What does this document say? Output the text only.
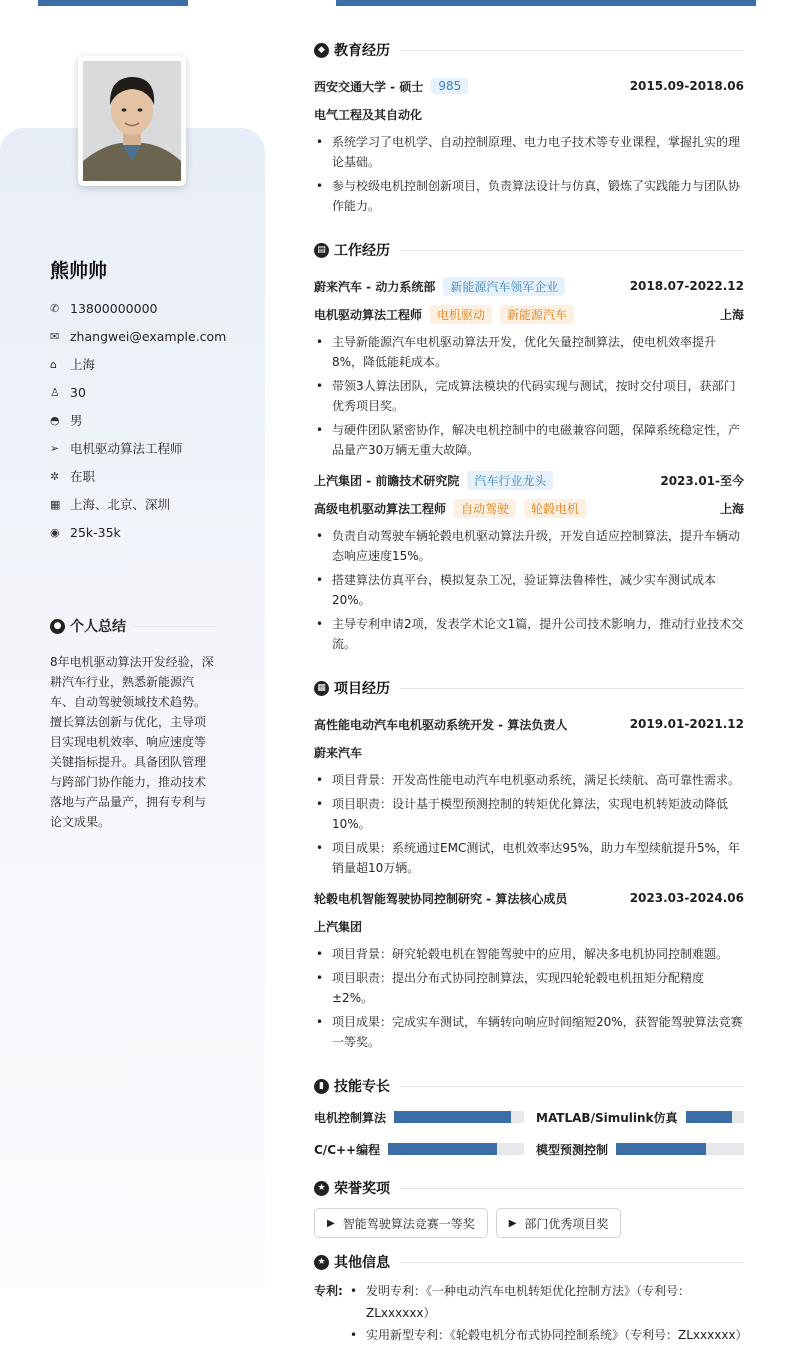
熊帅帅
✆ 13800000000
✉ zhangwei@example.com
⌂	上海
♙ 30
◓ 男
➢ 电机驱动算法工程师
✲ 在职
▦ 上海、北京、深圳
◉ 25k-35k
● 个人总结
8年电机驱动算法开发经验，深耕汽车行业，熟悉新能源汽车、自动驾驶领域技术趋势。擅长算法创新与优化，主导项目实现电机效率、响应速度等关键指标提升。具备团队管理与跨部门协作能力，推动技术落地与产品量产，拥有专利与论文成果。
◆ 教育经历
西安交通大学 - 硕士	985	2015.09-2018.06
电气工程及其自动化
• 系统学习了电机学、自动控制原理、电力电子技术等专业课程，掌握扎实的理论基础。
• 参与校级电机控制创新项目，负责算法设计与仿真，锻炼了实践能力与团队协作能力。
▤ 工作经历
蔚来汽车 - 动力系统部	新能源汽车领军企业	2018.07-2022.12
电机驱动算法工程师	电机驱动	新能源汽车	上海
• 主导新能源汽车电机驱动算法开发，优化矢量控制算法，使电机效率提升8%，降低能耗成本。
• 带领3人算法团队，完成算法模块的代码实现与测试，按时交付项目，获部门优秀项目奖。
• 与硬件团队紧密协作，解决电机控制中的电磁兼容问题，保障系统稳定性，产品量产30万辆无重大故障。
上汽集团 - 前瞻技术研究院	汽车行业龙头	2023.01-至今
高级电机驱动算法工程师	自动驾驶	轮毂电机	上海
• 负责自动驾驶车辆轮毂电机驱动算法升级，开发自适应控制算法，提升车辆动态响应速度15%。
• 搭建算法仿真平台，模拟复杂工况，验证算法鲁棒性，减少实车测试成本20%。
• 主导专利申请2项，发表学术论文1篇，提升公司技术影响力，推动行业技术交流。
▦ 项目经历
高性能电动汽车电机驱动系统开发 - 算法负责人	2019.01-2021.12
蔚来汽车
• 项目背景：开发高性能电动汽车电机驱动系统，满足长续航、高可靠性需求。
• 项目职责：设计基于模型预测控制的转矩优化算法，实现电机转矩波动降低10%。
• 项目成果：系统通过EMC测试，电机效率达95%，助力车型续航提升5%，年销量超10万辆。
轮毂电机智能驾驶协同控制研究 - 算法核心成员	2023.03-2024.06
上汽集团
• 项目背景：研究轮毂电机在智能驾驶中的应用，解决多电机协同控制难题。
• 项目职责：提出分布式协同控制算法，实现四轮轮毂电机扭矩分配精度±2%。
• 项目成果：完成实车测试，车辆转向响应时间缩短20%，获智能驾驶算法竞赛一等奖。
▮ 技能专长
电机控制算法	MATLAB/Simulink仿真
C/C++编程	模型预测控制
★ 荣誉奖项
▶ 智能驾驶算法竞赛一等奖	▶ 部门优秀项目奖
★ 其他信息
专利:
•	发明专利：《一种电动汽车电机转矩优化控制方法》（专利号：ZLxxxxxx）
• 实用新型专利：《轮毂电机分布式协同控制系统》（专利号：ZLxxxxxx）
